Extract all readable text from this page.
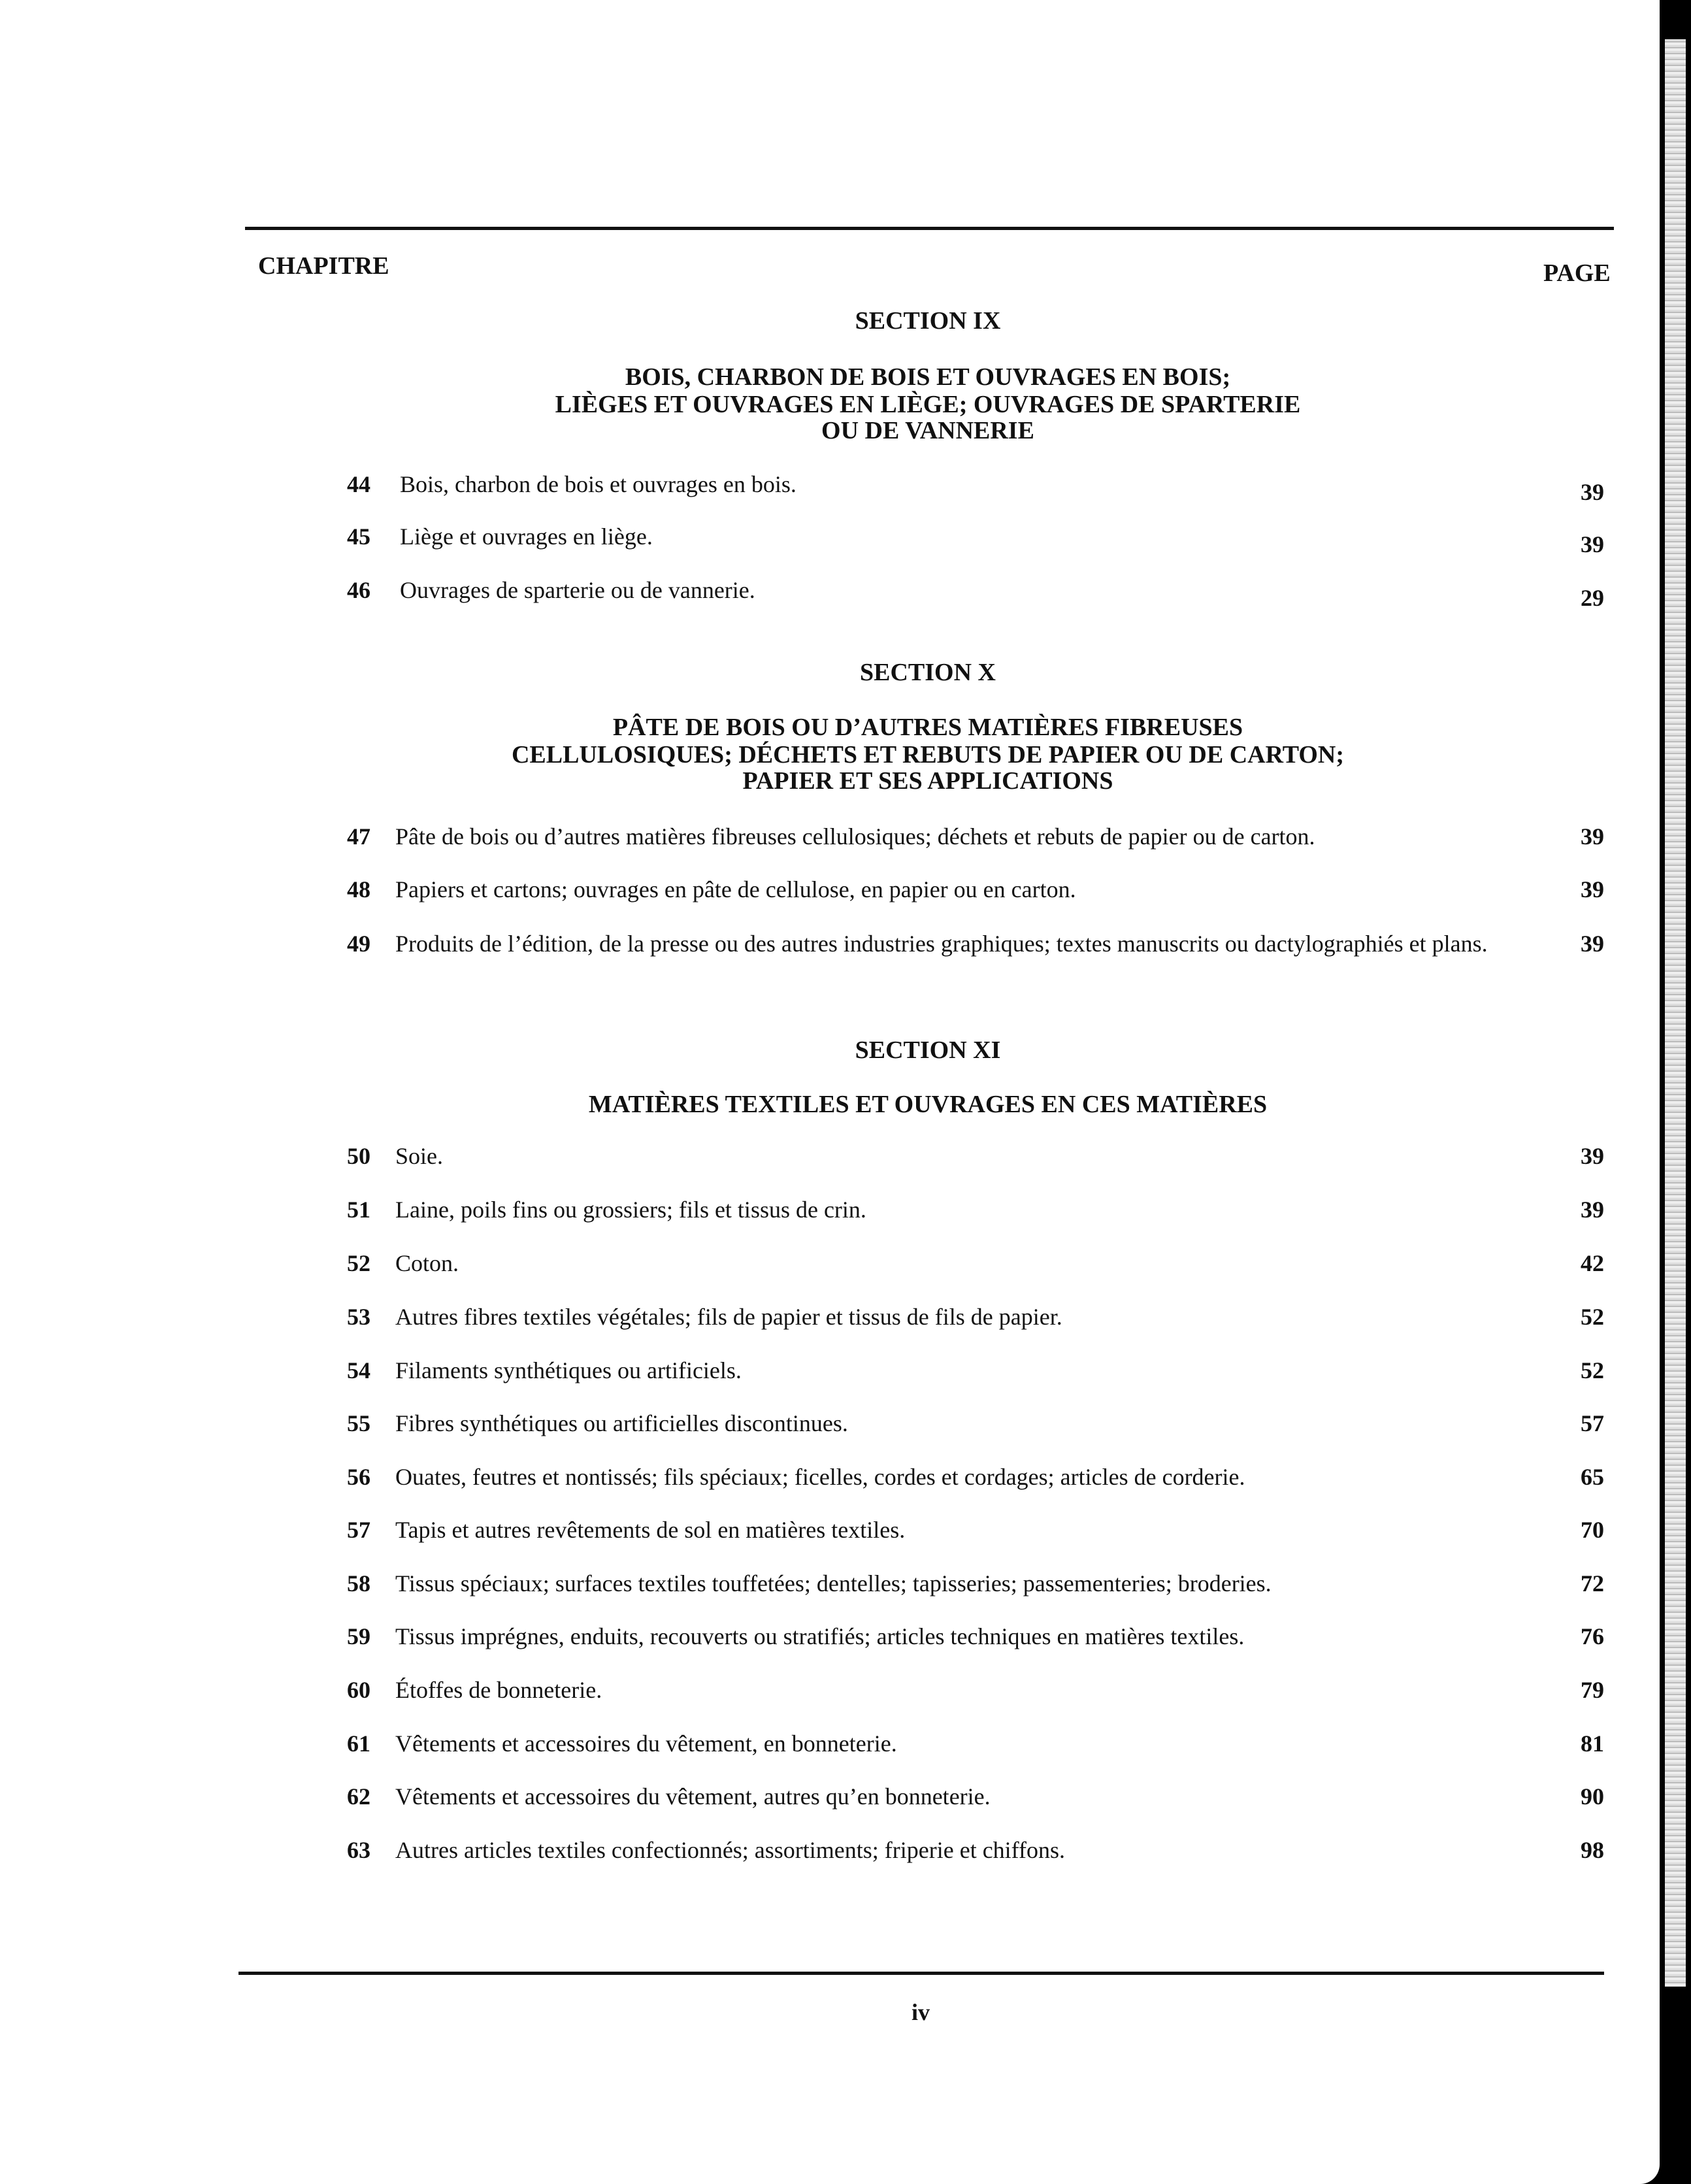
CHAPITRE	PAGE
SECTION IX
BOIS, CHARBON DE BOIS ET OUVRAGES EN BOIS;
LIÈGES ET OUVRAGES EN LIÈGE; OUVRAGES DE SPARTERIE
OU DE VANNERIE
44 Bois, charbon de bois et ouvrages en bois.	39
45 Liège et ouvrages en liège.	39
46 Ouvrages de sparterie ou de vannerie.	29
SECTION X
PÂTE DE BOIS OU D’AUTRES MATIÈRES FIBREUSES
CELLULOSIQUES; DÉCHETS ET REBUTS DE PAPIER OU DE CARTON;
PAPIER ET SES APPLICATIONS
47 Pâte de bois ou d’autres matières fibreuses cellulosiques; déchets et rebuts de papier ou de carton.	39
48 Papiers et cartons; ouvrages en pâte de cellulose, en papier ou en carton.	39
49 Produits de l’édition, de la presse ou des autres industries graphiques; textes manuscrits ou dactylographiés et plans.	39
SECTION XI
MATIÈRES TEXTILES ET OUVRAGES EN CES MATIÈRES
50 Soie.	39
51 Laine, poils fins ou grossiers; fils et tissus de crin.	39
52 Coton.	42
53 Autres fibres textiles végétales; fils de papier et tissus de fils de papier.	52
54 Filaments synthétiques ou artificiels.	52
55 Fibres synthétiques ou artificielles discontinues.	57
56 Ouates, feutres et nontissés; fils spéciaux; ficelles, cordes et cordages; articles de corderie.	65
57 Tapis et autres revêtements de sol en matières textiles.	70
58 Tissus spéciaux; surfaces textiles touffetées; dentelles; tapisseries; passementeries; broderies.	72
59 Tissus imprégnes, enduits, recouverts ou stratifiés; articles techniques en matières textiles.	76
60 Étoffes de bonneterie.	79
61 Vêtements et accessoires du vêtement, en bonneterie.	81
62 Vêtements et accessoires du vêtement, autres qu’en bonneterie.	90
63 Autres articles textiles confectionnés; assortiments; friperie et chiffons.	98
iv
